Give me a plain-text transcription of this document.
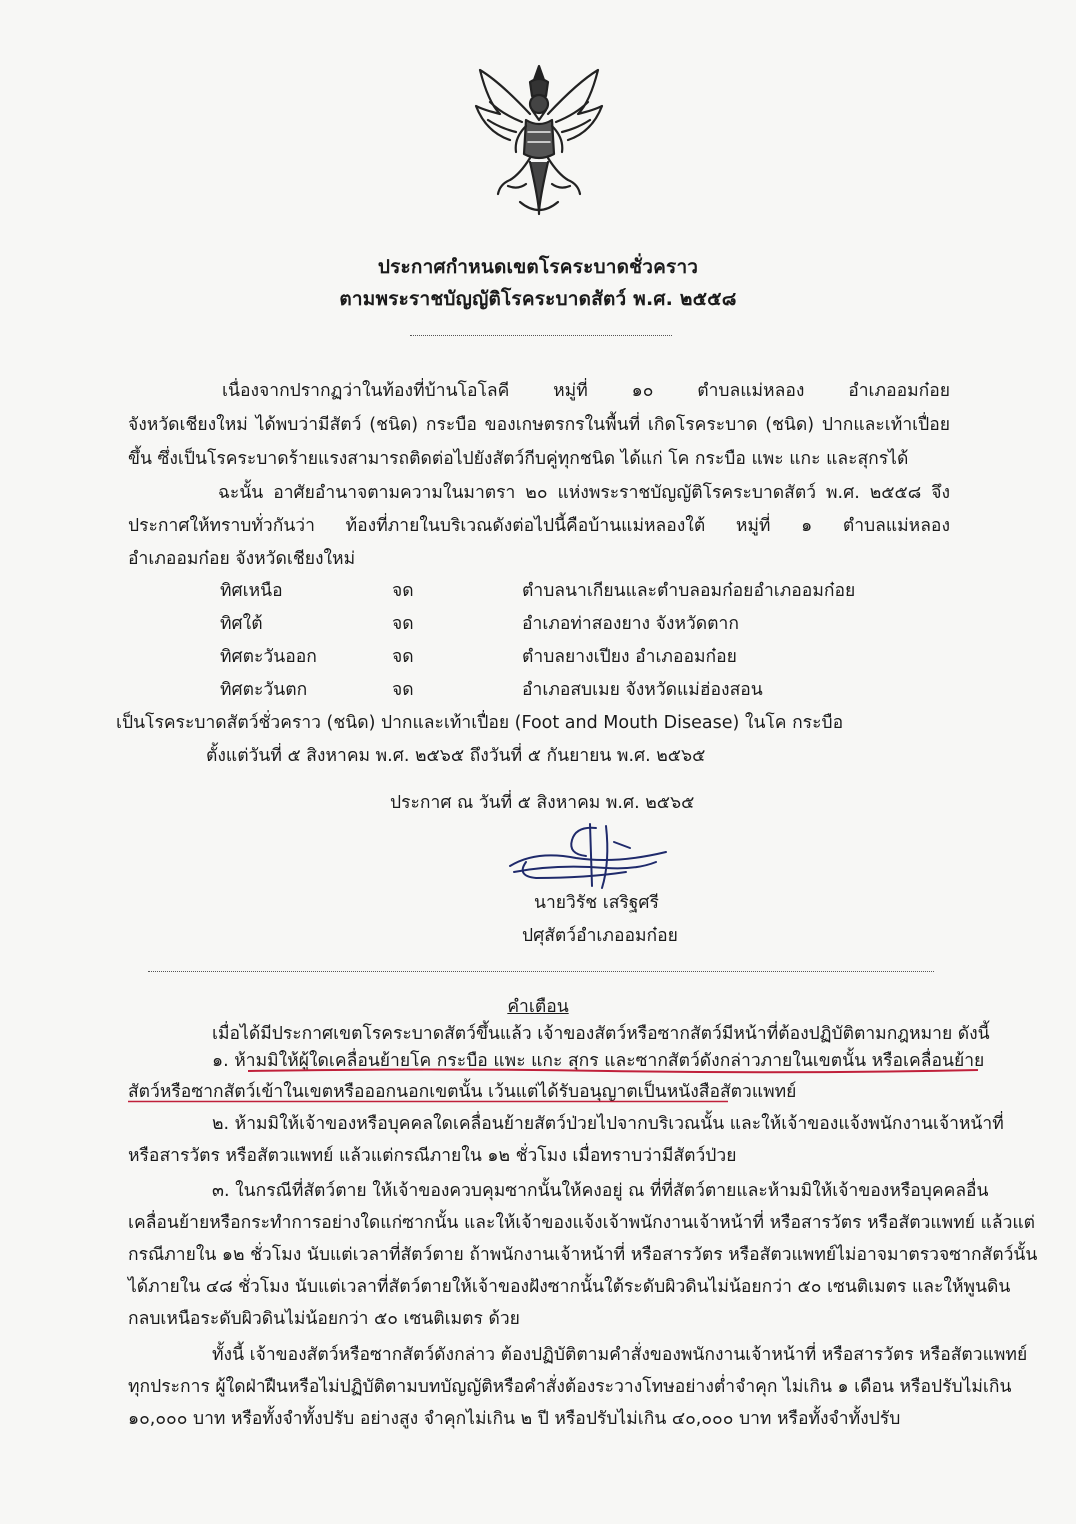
ประกาศกำหนดเขตโรคระบาดชั่วคราว
ตามพระราชบัญญัติโรคระบาดสัตว์ พ.ศ. ๒๕๕๘
เนื่องจากปรากฏว่าในท้องที่บ้านโอโลคี หมู่ที่ ๑๐ ตำบลแม่หลอง อำเภออมก๋อย
จังหวัดเชียงใหม่ ได้พบว่ามีสัตว์ (ชนิด) กระบือ ของเกษตรกรในพื้นที่ เกิดโรคระบาด (ชนิด) ปากและเท้าเปื่อย
ขึ้น ซึ่งเป็นโรคระบาดร้ายแรงสามารถติดต่อไปยังสัตว์กีบคู่ทุกชนิด ได้แก่ โค กระบือ แพะ แกะ และสุกรได้
ฉะนั้น อาศัยอำนาจตามความในมาตรา ๒๐ แห่งพระราชบัญญัติโรคระบาดสัตว์ พ.ศ. ๒๕๕๘ จึง
ประกาศให้ทราบทั่วกันว่า ท้องที่ภายในบริเวณดังต่อไปนี้คือบ้านแม่หลองใต้ หมู่ที่ ๑ ตำบลแม่หลอง
อำเภออมก๋อย จังหวัดเชียงใหม่
ทิศเหนือ	จด	ตำบลนาเกียนและตำบลอมก๋อยอำเภออมก๋อย
ทิศใต้	จด	อำเภอท่าสองยาง จังหวัดตาก
ทิศตะวันออก	จด	ตำบลยางเปียง อำเภออมก๋อย
ทิศตะวันตก	จด	อำเภอสบเมย จังหวัดแม่ฮ่องสอน
เป็นโรคระบาดสัตว์ชั่วคราว (ชนิด) ปากและเท้าเปื่อย (Foot and Mouth Disease) ในโค กระบือ
ตั้งแต่วันที่ ๕ สิงหาคม พ.ศ. ๒๕๖๕ ถึงวันที่ ๕ กันยายน พ.ศ. ๒๕๖๕
ประกาศ ณ วันที่ ๕ สิงหาคม พ.ศ. ๒๕๖๕
นายวิรัช เสริฐศรี
ปศุสัตว์อำเภออมก๋อย
คำเตือน
เมื่อได้มีประกาศเขตโรคระบาดสัตว์ขึ้นแล้ว เจ้าของสัตว์หรือซากสัตว์มีหน้าที่ต้องปฏิบัติตามกฎหมาย ดังนี้
๑. ห้ามมิให้ผู้ใดเคลื่อนย้ายโค กระบือ แพะ แกะ สุกร และซากสัตว์ดังกล่าวภายในเขตนั้น หรือเคลื่อนย้าย
สัตว์หรือซากสัตว์เข้าในเขตหรือออกนอกเขตนั้น เว้นแต่ได้รับอนุญาตเป็นหนังสือสัตวแพทย์
๒. ห้ามมิให้เจ้าของหรือบุคคลใดเคลื่อนย้ายสัตว์ป่วยไปจากบริเวณนั้น และให้เจ้าของแจ้งพนักงานเจ้าหน้าที่
หรือสารวัตร หรือสัตวแพทย์ แล้วแต่กรณีภายใน ๑๒ ชั่วโมง เมื่อทราบว่ามีสัตว์ป่วย
๓. ในกรณีที่สัตว์ตาย ให้เจ้าของควบคุมซากนั้นให้คงอยู่ ณ ที่ที่สัตว์ตายและห้ามมิให้เจ้าของหรือบุคคลอื่น
เคลื่อนย้ายหรือกระทำการอย่างใดแก่ซากนั้น และให้เจ้าของแจ้งเจ้าพนักงานเจ้าหน้าที่ หรือสารวัตร หรือสัตวแพทย์ แล้วแต่
กรณีภายใน ๑๒ ชั่วโมง นับแต่เวลาที่สัตว์ตาย ถ้าพนักงานเจ้าหน้าที่ หรือสารวัตร หรือสัตวแพทย์ไม่อาจมาตรวจซากสัตว์นั้น
ได้ภายใน ๔๘ ชั่วโมง นับแต่เวลาที่สัตว์ตายให้เจ้าของฝังซากนั้นใต้ระดับผิวดินไม่น้อยกว่า ๕๐ เซนติเมตร และให้พูนดิน
กลบเหนือระดับผิวดินไม่น้อยกว่า ๕๐ เซนติเมตร ด้วย
ทั้งนี้ เจ้าของสัตว์หรือซากสัตว์ดังกล่าว ต้องปฏิบัติตามคำสั่งของพนักงานเจ้าหน้าที่ หรือสารวัตร หรือสัตวแพทย์
ทุกประการ ผู้ใดฝ่าฝืนหรือไม่ปฏิบัติตามบทบัญญัติหรือคำสั่งต้องระวางโทษอย่างต่ำจำคุก ไม่เกิน ๑ เดือน หรือปรับไม่เกิน
๑๐,๐๐๐ บาท หรือทั้งจำทั้งปรับ อย่างสูง จำคุกไม่เกิน ๒ ปี หรือปรับไม่เกิน ๔๐,๐๐๐ บาท หรือทั้งจำทั้งปรับ
